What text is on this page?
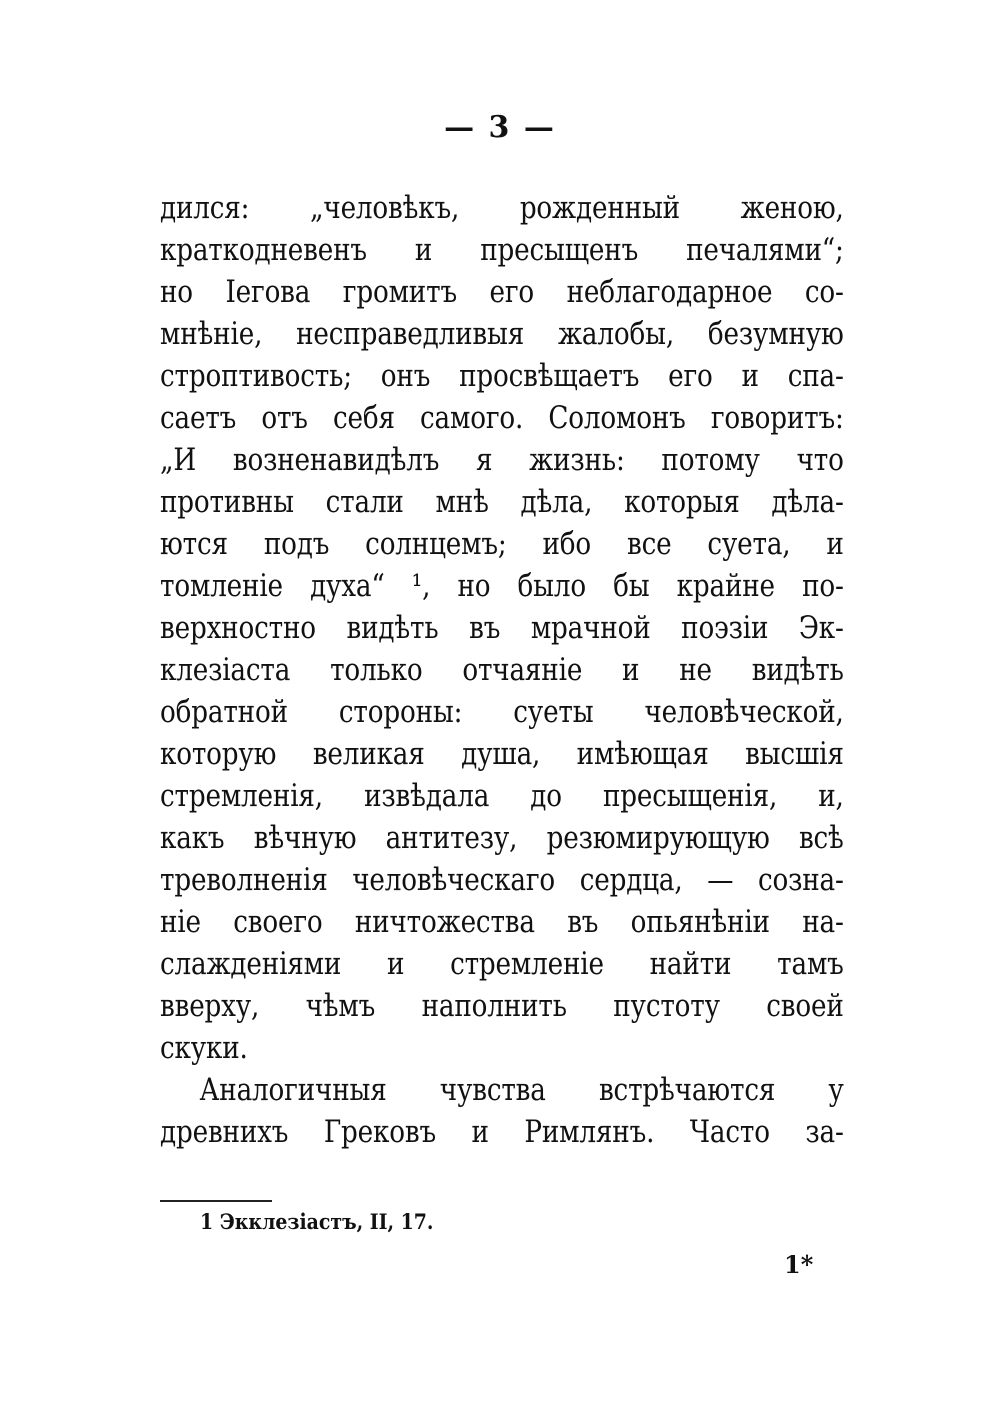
— 3 —
дился: „человѣкъ, рожденный женою,
краткодневенъ и пресыщенъ печалями“;
но Іегова громитъ его неблагодарное со-
мнѣніе, несправедливыя жалобы, безумную
строптивость; онъ просвѣщаетъ его и спа-
саетъ отъ себя самого. Соломонъ говоритъ:
„И возненавидѣлъ я жизнь: потому что
противны стали мнѣ дѣла, которыя дѣла-
ются подъ солнцемъ; ибо все суета, и
томленіе духа“ ¹, но было бы крайне по-
верхностно видѣть въ мрачной поэзіи Эк-
клезіаста только отчаяніе и не видѣть
обратной стороны: суеты человѣческой,
которую великая душа, имѣющая высшія
стремленія, извѣдала до пресыщенія, и,
какъ вѣчную антитезу, резюмирующую всѣ
треволненія человѣческаго сердца, — созна-
ніе своего ничтожества въ опьянѣніи на-
слажденіями и стремленіе найти тамъ
вверху, чѣмъ наполнить пустоту своей
скуки.
Аналогичныя чувства встрѣчаются у
древнихъ Грековъ и Римлянъ. Часто за-
1 Экклезіастъ, II, 17.
1*
